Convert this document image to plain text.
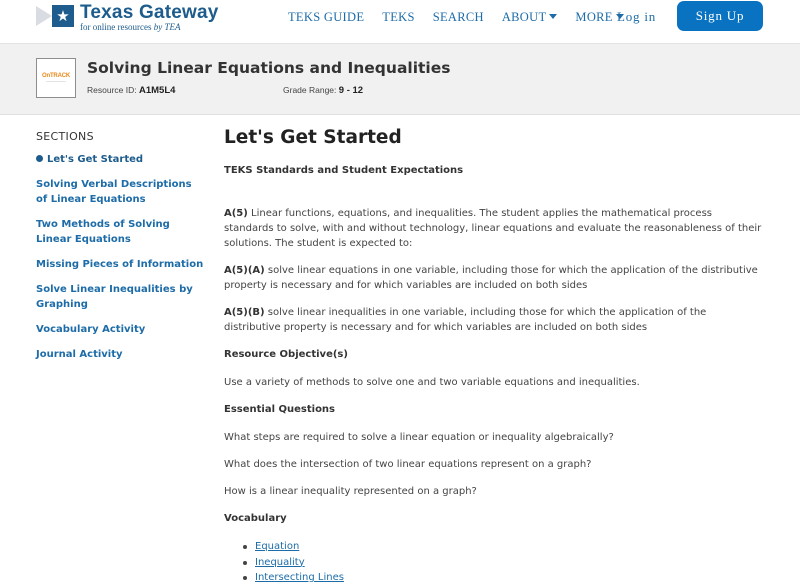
★ Texas Gateway
for online resources by TEA
TEKS GUIDE TEKS SEARCH ABOUT	MORE Log in	Sign Up
OnTRACK
────────
Solving Linear Equations and Inequalities
Resource ID: A1M5L4	Grade Range: 9 - 12
SECTIONS
Let's Get Started
Solving Verbal Descriptions of Linear Equations
Two Methods of Solving Linear Equations
Missing Pieces of Information
Solve Linear Inequalities by Graphing
Vocabulary Activity
Journal Activity
Let's Get Started
TEKS Standards and Student Expectations
A(5) Linear functions, equations, and inequalities. The student applies the mathematical process standards to solve, with and without technology, linear equations and evaluate the reasonableness of their solutions. The student is expected to:
A(5)(A) solve linear equations in one variable, including those for which the application of the distributive property is necessary and for which variables are included on both sides
A(5)(B) solve linear inequalities in one variable, including those for which the application of the distributive property is necessary and for which variables are included on both sides
Resource Objective(s)
Use a variety of methods to solve one and two variable equations and inequalities.
Essential Questions
What steps are required to solve a linear equation or inequality algebraically?
What does the intersection of two linear equations represent on a graph?
How is a linear inequality represented on a graph?
Vocabulary
Equation
Inequality
Intersecting Lines
